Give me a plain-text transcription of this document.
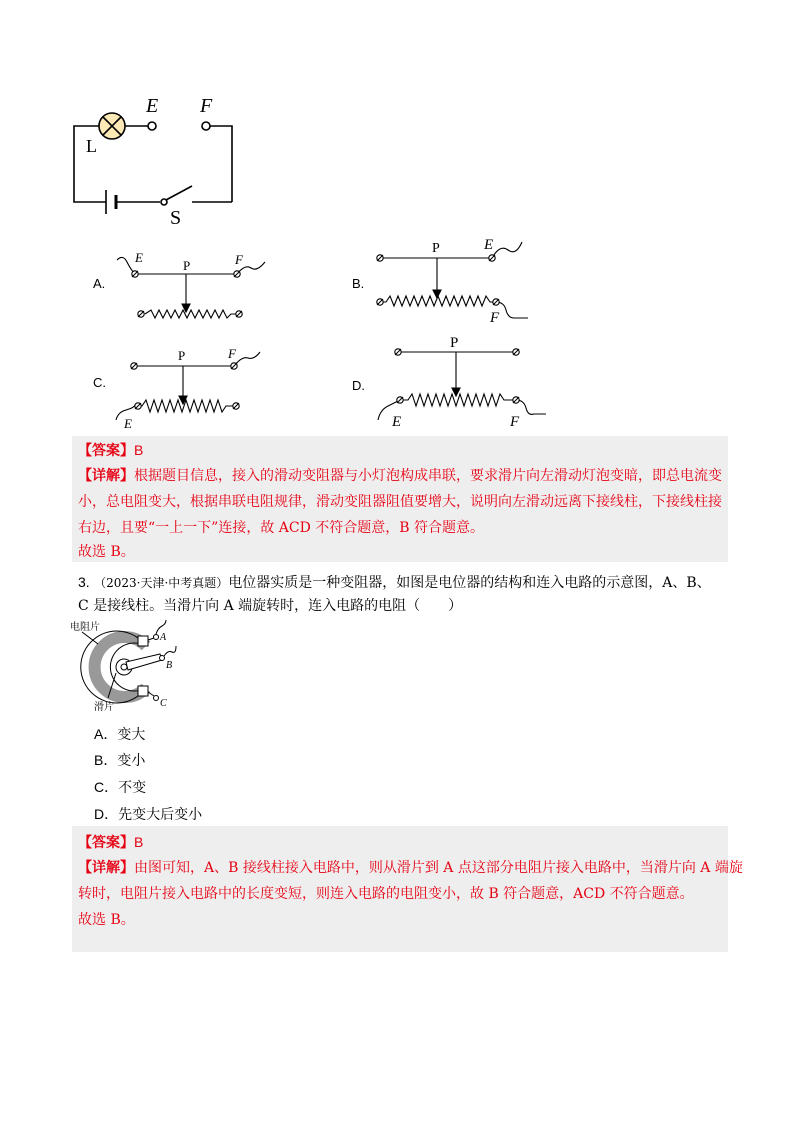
L
E F
S
A.
P
E	F
B.
P	E
F
C.
P
E
F
D.
P
E	F
【答案】B
【详解】根据题目信息，接入的滑动变阻器与小灯泡构成串联，要求滑片向左滑动灯泡变暗，即总电流变
小，总电阻变大，根据串联电阻规律，滑动变阻器阻值要增大，说明向左滑动远离下接线柱，下接线柱接
右边，且要“一上一下”连接，故 ACD 不符合题意，B 符合题意。
故选 B。
3. （2023·天津·中考真题）电位器实质是一种变阻器，如图是电位器的结构和连入电路的示意图，A、B、
C 是接线柱。当滑片向 A 端旋转时，连入电路的电阻（　　）
电阻片
滑片
A
B
C
A．变大
B．变小
C．不变
D．先变大后变小
【答案】B
【详解】由图可知，A、B 接线柱接入电路中，则从滑片到 A 点这部分电阻片接入电路中，当滑片向 A 端旋
转时，电阻片接入电路中的长度变短，则连入电路的电阻变小，故 B 符合题意，ACD 不符合题意。
故选 B。
